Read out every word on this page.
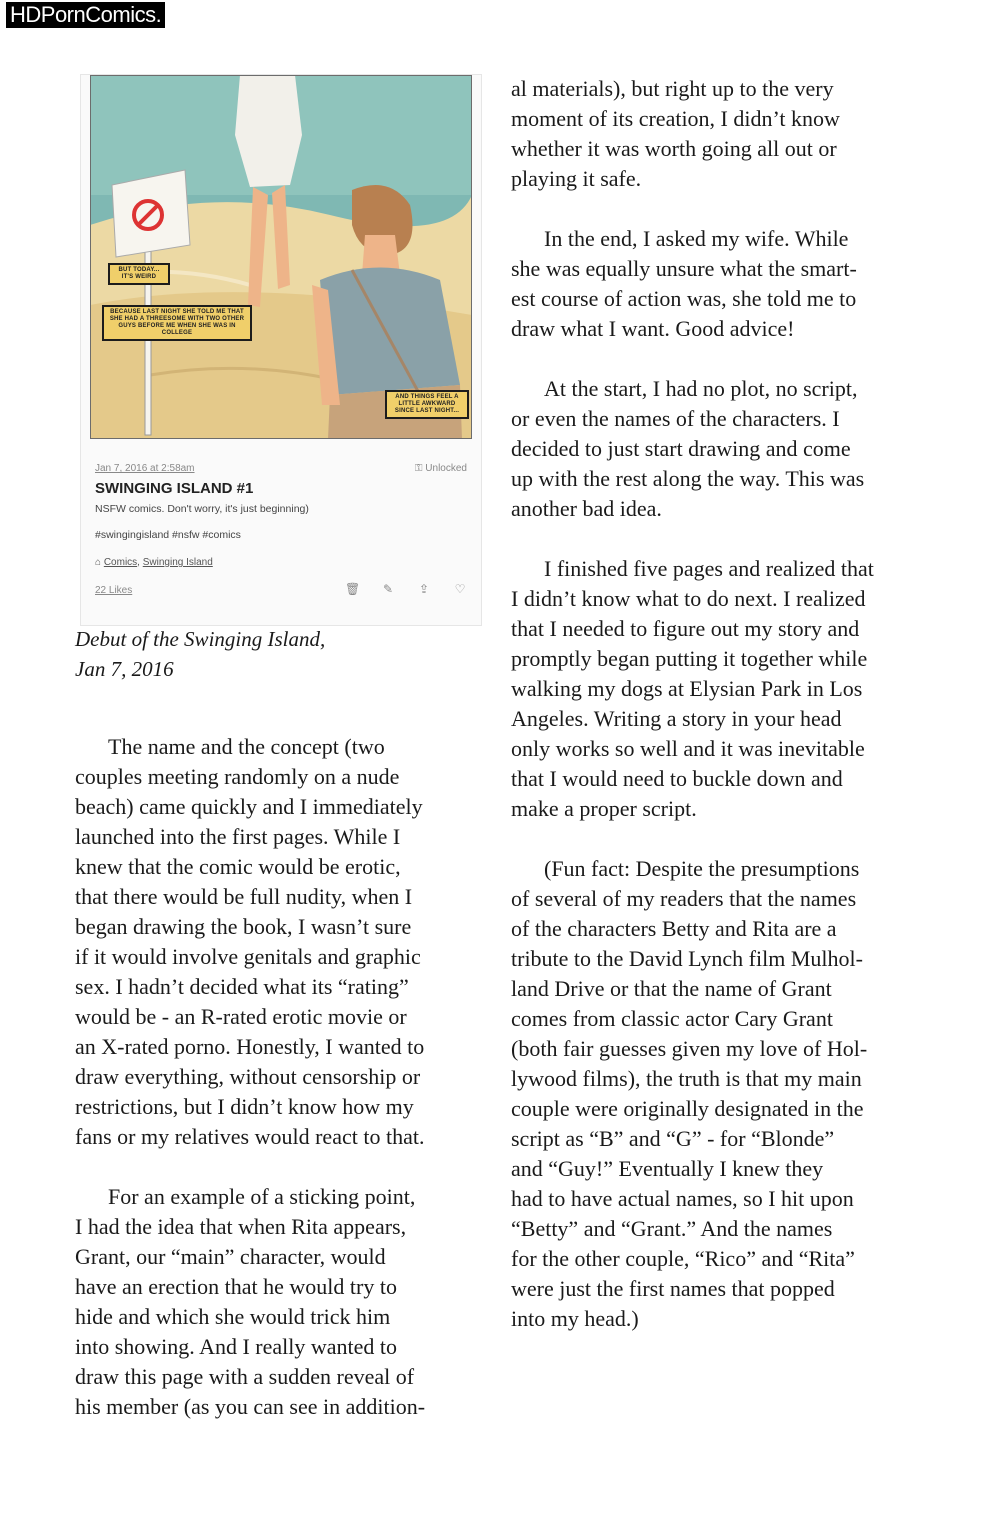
HDPornComics.
BUT TODAY... IT'S WEIRD
BECAUSE LAST NIGHT SHE TOLD ME THAT SHE HAD A THREESOME WITH TWO OTHER GUYS BEFORE ME WHEN SHE WAS IN COLLEGE
AND THINGS FEEL A LITTLE AWKWARD SINCE LAST NIGHT...
Jan 7, 2016 at 2:58am	⚿ Unlocked
SWINGING ISLAND #1
NSFW comics. Don't worry, it's just beginning)
#swingingisland #nsfw #comics
⌂ Comics, Swinging Island
22 Likes	🗑 ✎ ⇪ ♡
Debut of the Swinging Island,
Jan 7, 2016

The name and the concept (two
couples meeting randomly on a nude
beach) came quickly and I immediately
launched into the first pages. While I
knew that the comic would be erotic,
that there would be full nudity, when I
began drawing the book, I wasn’t sure
if it would involve genitals and graphic
sex. I hadn’t decided what its “rating”
would be - an R-rated erotic movie or
an X-rated porno. Honestly, I wanted to
draw everything, without censorship or
restrictions, but I didn’t know how my
fans or my relatives would react to that.

For an example of a sticking point,
I had the idea that when Rita appears,
Grant, our “main” character, would
have an erection that he would try to
hide and which she would trick him
into showing. And I really wanted to
draw this page with a sudden reveal of
his member (as you can see in addition-

al materials), but right up to the very
moment of its creation, I didn’t know
whether it was worth going all out or
playing it safe.

In the end, I asked my wife. While
she was equally unsure what the smart-
est course of action was, she told me to
draw what I want. Good advice!

At the start, I had no plot, no script,
or even the names of the characters. I
decided to just start drawing and come
up with the rest along the way. This was
another bad idea.

I finished five pages and realized that
I didn’t know what to do next. I realized
that I needed to figure out my story and
promptly began putting it together while
walking my dogs at Elysian Park in Los
Angeles. Writing a story in your head
only works so well and it was inevitable
that I would need to buckle down and
make a proper script.

(Fun fact: Despite the presumptions
of several of my readers that the names
of the characters Betty and Rita are a
tribute to the David Lynch film Mulhol-
land Drive or that the name of Grant
comes from classic actor Cary Grant
(both fair guesses given my love of Hol-
lywood films), the truth is that my main
couple were originally designated in the
script as “B” and “G” - for “Blonde”
and “Guy!” Eventually I knew they
had to have actual names, so I hit upon
“Betty” and “Grant.” And the names
for the other couple, “Rico” and “Rita”
were just the first names that popped
into my head.)
